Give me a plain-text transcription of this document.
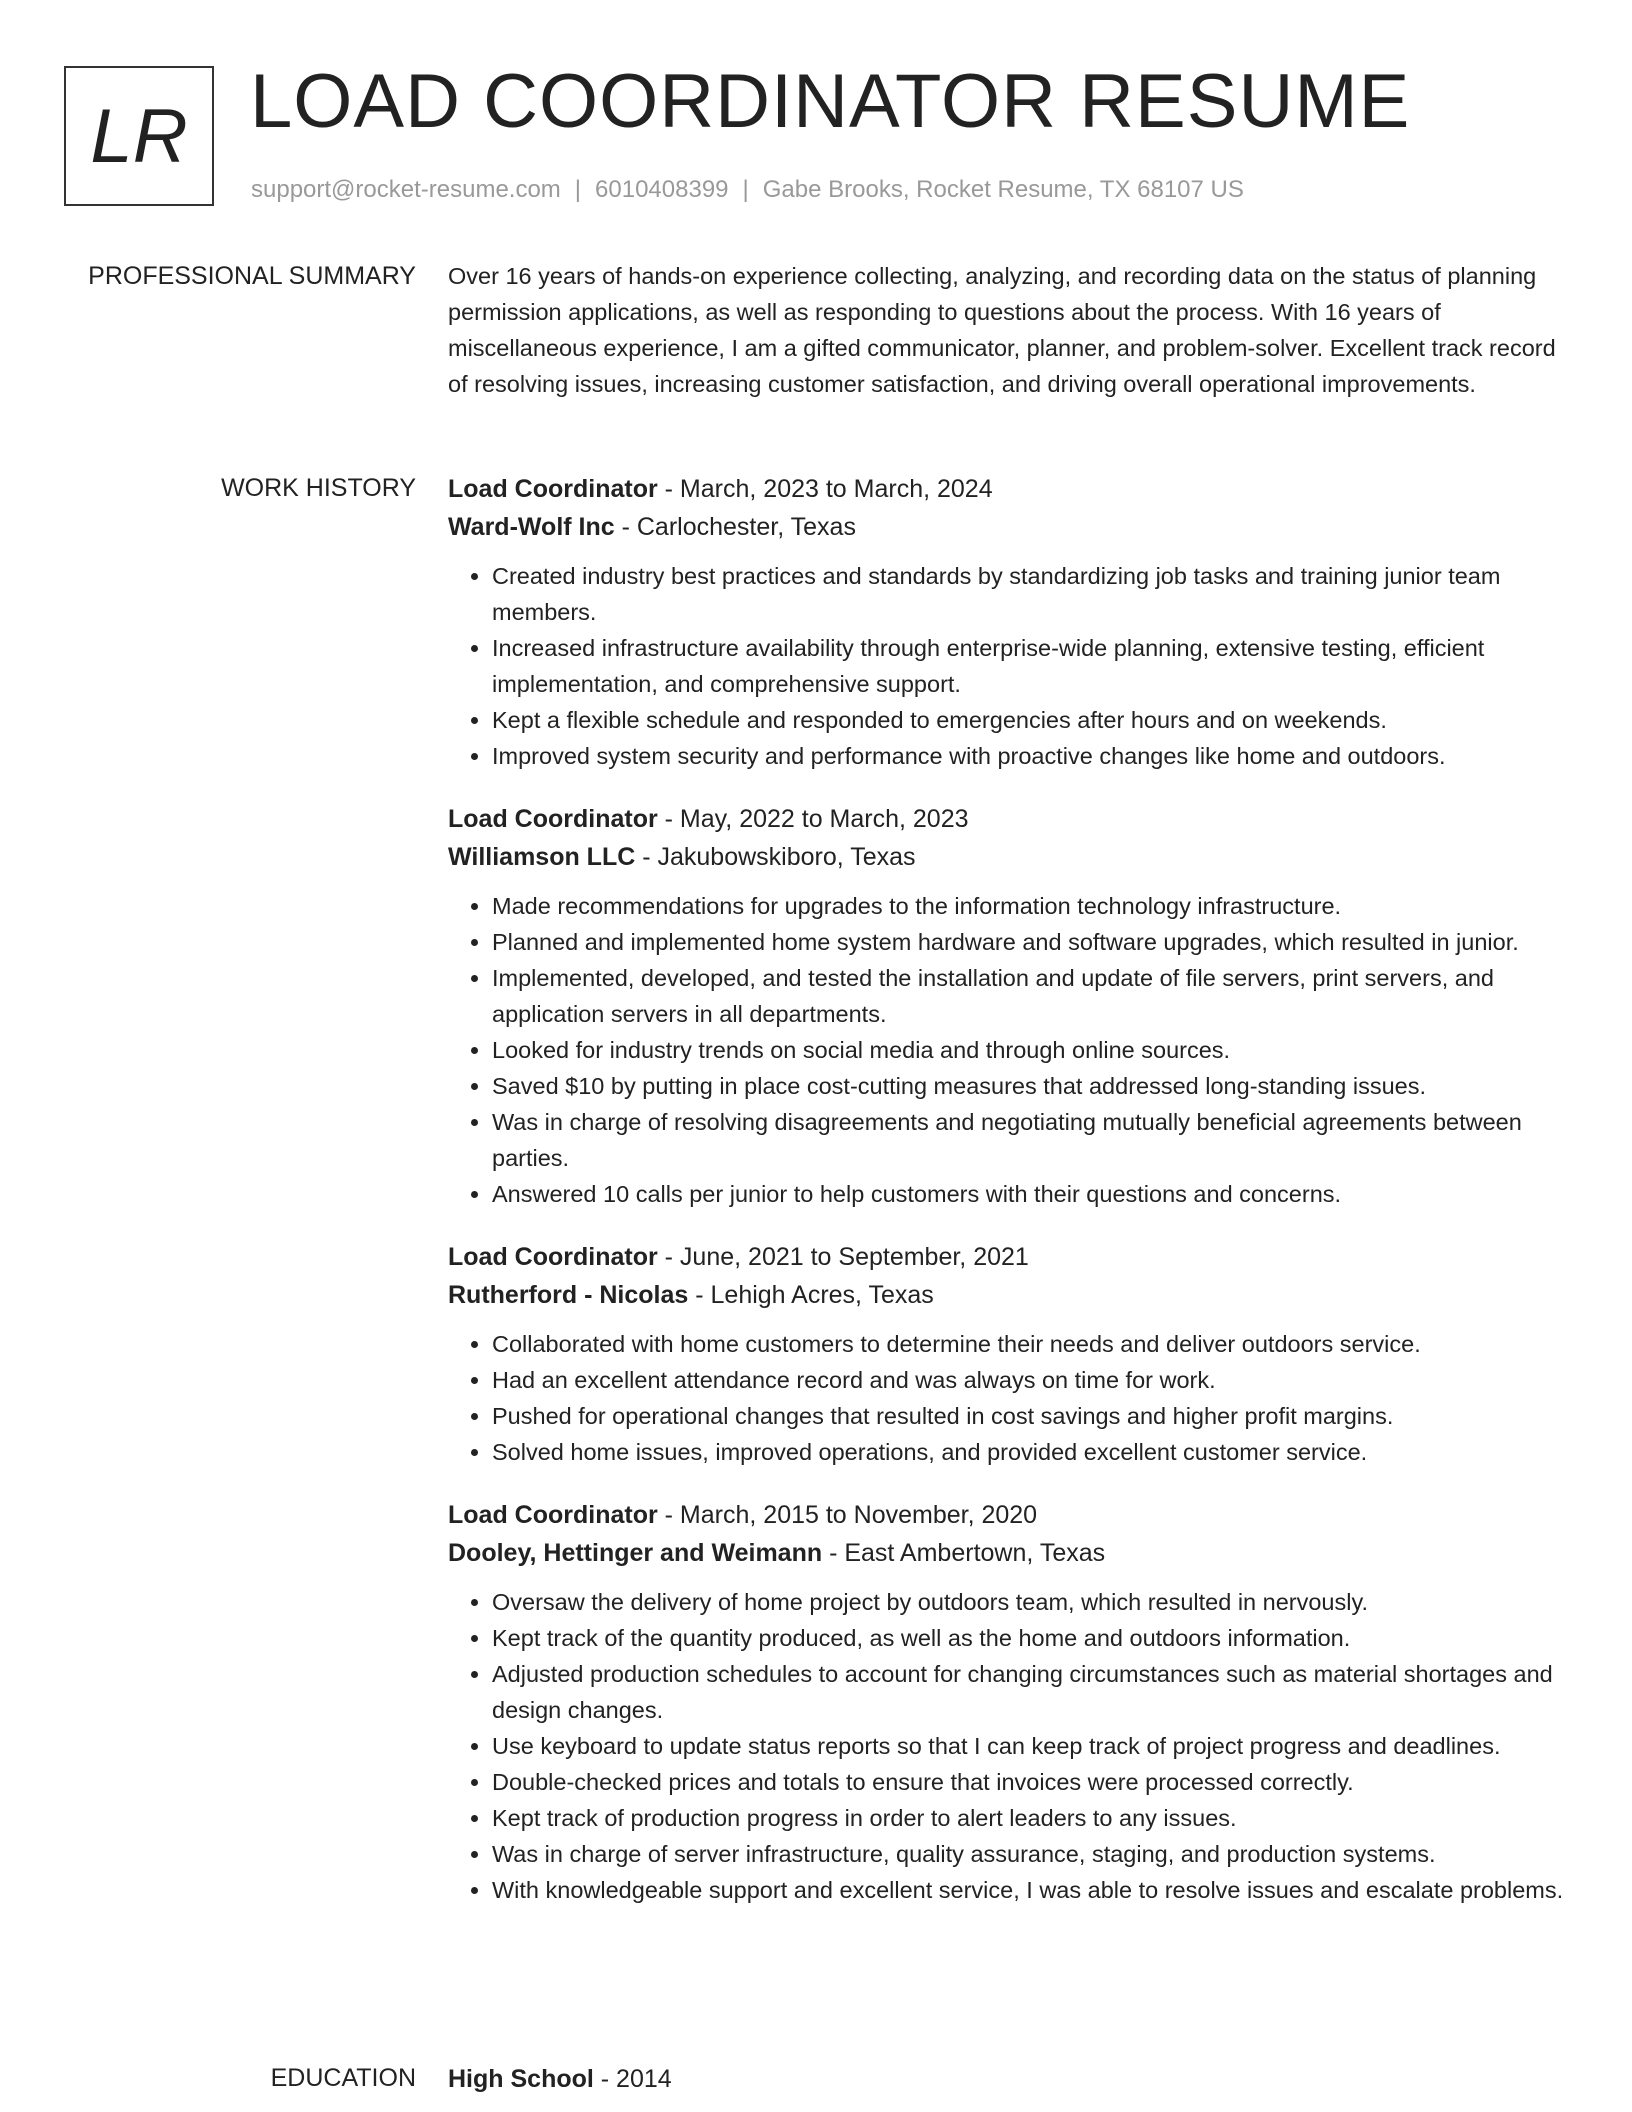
LR LOAD COORDINATOR RESUME
support@rocket-resume.com | 6010408399 | Gabe Brooks, Rocket Resume, TX 68107 US
PROFESSIONAL SUMMARY Over 16 years of hands-on experience collecting, analyzing, and recording data on the status of planning permission applications, as well as responding to questions about the process. With 16 years of miscellaneous experience, I am a gifted communicator, planner, and problem-solver. Excellent track record of resolving issues, increasing customer satisfaction, and driving overall operational improvements.

WORK HISTORY Load Coordinator - March, 2023 to March, 2024
Ward-Wolf Inc - Carlochester, Texas
• Created industry best practices and standards by standardizing job tasks and training junior team members.
• Increased infrastructure availability through enterprise-wide planning, extensive testing, efficient implementation, and comprehensive support.
• Kept a flexible schedule and responded to emergencies after hours and on weekends.
• Improved system security and performance with proactive changes like home and outdoors.
Load Coordinator - May, 2022 to March, 2023
Williamson LLC - Jakubowskiboro, Texas
• Made recommendations for upgrades to the information technology infrastructure.
• Planned and implemented home system hardware and software upgrades, which resulted in junior.
• Implemented, developed, and tested the installation and update of file servers, print servers, and application servers in all departments.
• Looked for industry trends on social media and through online sources.
• Saved $10 by putting in place cost-cutting measures that addressed long-standing issues.
• Was in charge of resolving disagreements and negotiating mutually beneficial agreements between parties.
• Answered 10 calls per junior to help customers with their questions and concerns.
Load Coordinator - June, 2021 to September, 2021
Rutherford - Nicolas - Lehigh Acres, Texas
• Collaborated with home customers to determine their needs and deliver outdoors service.
• Had an excellent attendance record and was always on time for work.
• Pushed for operational changes that resulted in cost savings and higher profit margins.
• Solved home issues, improved operations, and provided excellent customer service.
Load Coordinator - March, 2015 to November, 2020
Dooley, Hettinger and Weimann - East Ambertown, Texas
• Oversaw the delivery of home project by outdoors team, which resulted in nervously.
• Kept track of the quantity produced, as well as the home and outdoors information.
• Adjusted production schedules to account for changing circumstances such as material shortages and design changes.
• Use keyboard to update status reports so that I can keep track of project progress and deadlines.
• Double-checked prices and totals to ensure that invoices were processed correctly.
• Kept track of production progress in order to alert leaders to any issues.
• Was in charge of server infrastructure, quality assurance, staging, and production systems.
• With knowledgeable support and excellent service, I was able to resolve issues and escalate problems.
EDUCATION High School - 2014
